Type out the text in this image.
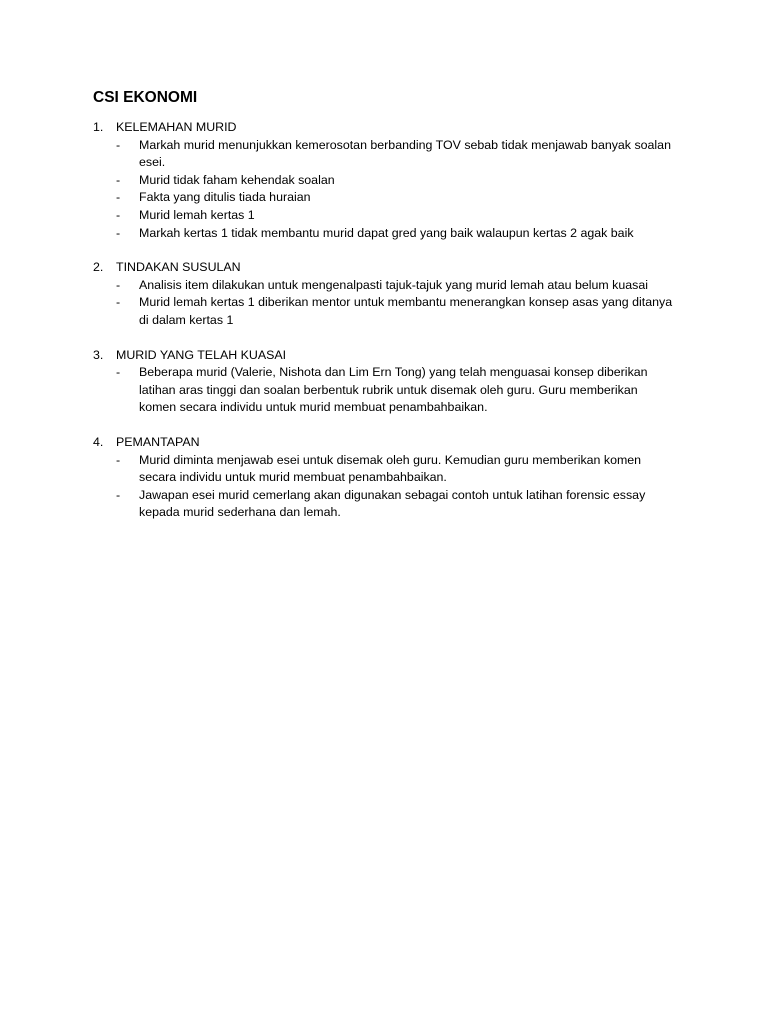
CSI EKONOMI
1.	KELEMAHAN MURID
-	Markah murid menunjukkan kemerosotan berbanding TOV sebab tidak menjawab banyak soalan esei.
-	Murid tidak faham kehendak soalan
-	Fakta yang ditulis tiada huraian
-	Murid lemah kertas 1
-	Markah kertas 1 tidak membantu murid dapat gred yang baik walaupun kertas 2 agak baik
2.	TINDAKAN SUSULAN
-	Analisis item dilakukan untuk mengenalpasti tajuk-tajuk yang murid lemah atau belum kuasai
-	Murid lemah kertas 1 diberikan mentor untuk membantu menerangkan konsep asas yang ditanya di dalam kertas 1
3.	MURID YANG TELAH KUASAI
-	Beberapa murid (Valerie, Nishota dan Lim Ern Tong) yang telah menguasai konsep diberikan latihan aras tinggi dan soalan berbentuk rubrik untuk disemak oleh guru. Guru memberikan komen secara individu untuk murid membuat penambahbaikan.
4.	PEMANTAPAN
-	Murid diminta menjawab esei untuk disemak oleh guru. Kemudian guru memberikan komen secara individu untuk murid membuat penambahbaikan.
-	Jawapan esei murid cemerlang akan digunakan sebagai contoh untuk latihan forensic essay kepada murid sederhana dan lemah.
